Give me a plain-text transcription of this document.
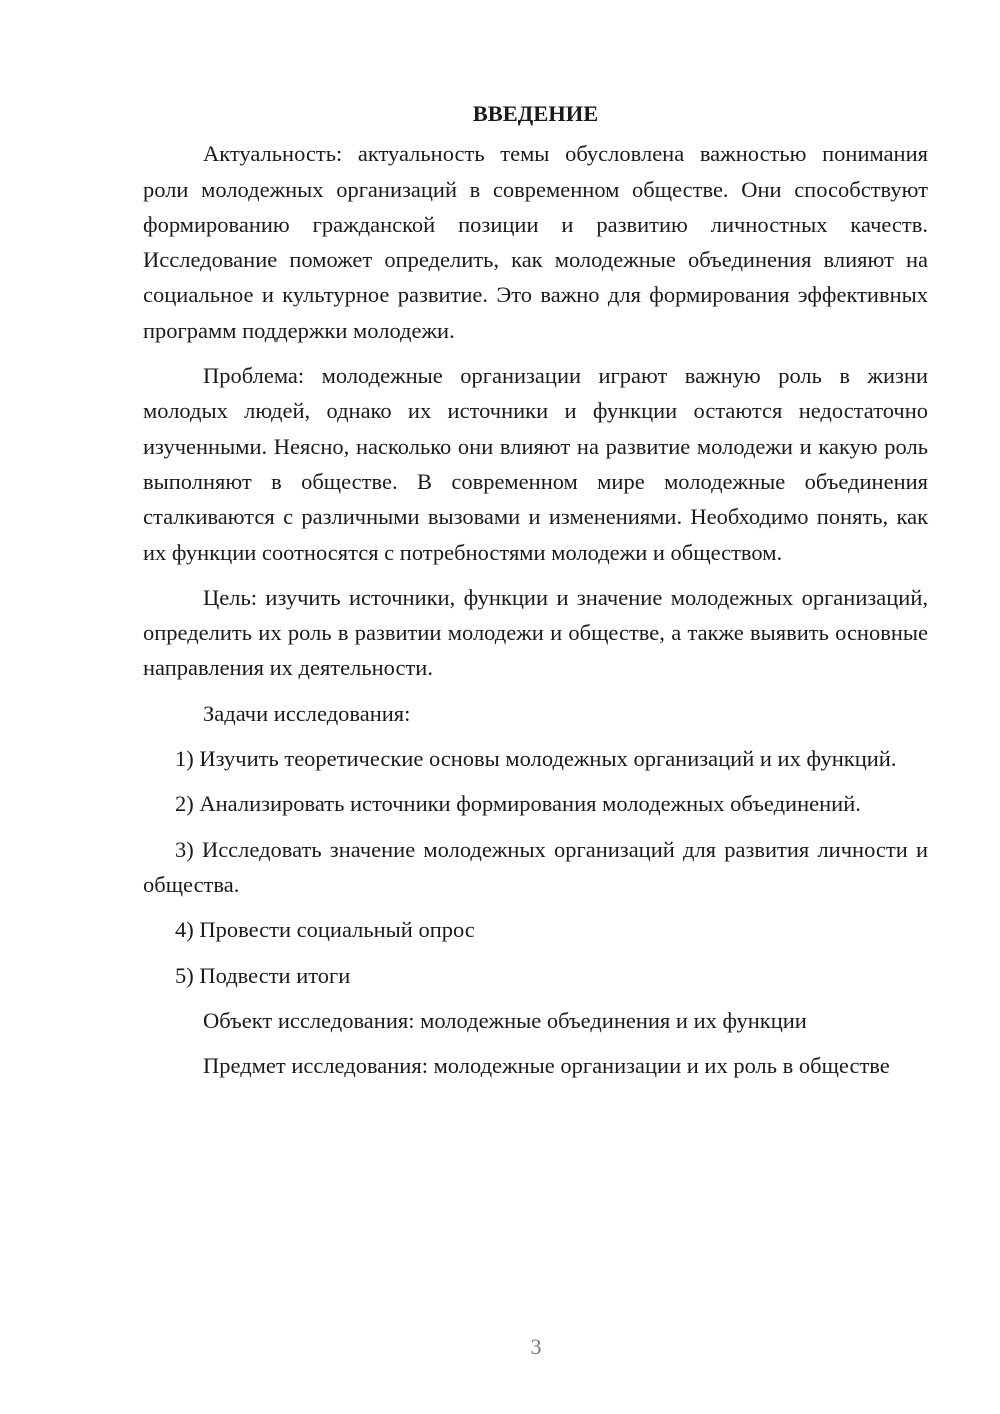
ВВЕДЕНИЕ

Актуальность: актуальность темы обусловлена важностью понимания роли молодежных организаций в современном обществе. Они способствуют формированию гражданской позиции и развитию личностных качеств. Исследование поможет определить, как молодежные объединения влияют на социальное и культурное развитие. Это важно для формирования эффективных программ поддержки молодежи.

Проблема: молодежные организации играют важную роль в жизни молодых людей, однако их источники и функции остаются недостаточно изученными. Неясно, насколько они влияют на развитие молодежи и какую роль выполняют в обществе. В современном мире молодежные объединения сталкиваются с различными вызовами и изменениями. Необходимо понять, как их функции соотносятся с потребностями молодежи и обществом.

Цель: изучить источники, функции и значение молодежных организаций, определить их роль в развитии молодежи и обществе, а также выявить основные направления их деятельности.

Задачи исследования:

1) Изучить теоретические основы молодежных организаций и их функций.

2) Анализировать источники формирования молодежных объединений.

3) Исследовать значение молодежных организаций для развития личности и общества.

4) Провести социальный опрос

5) Подвести итоги

Объект исследования: молодежные объединения и их функции

Предмет исследования: молодежные организации и их роль в обществе

3
